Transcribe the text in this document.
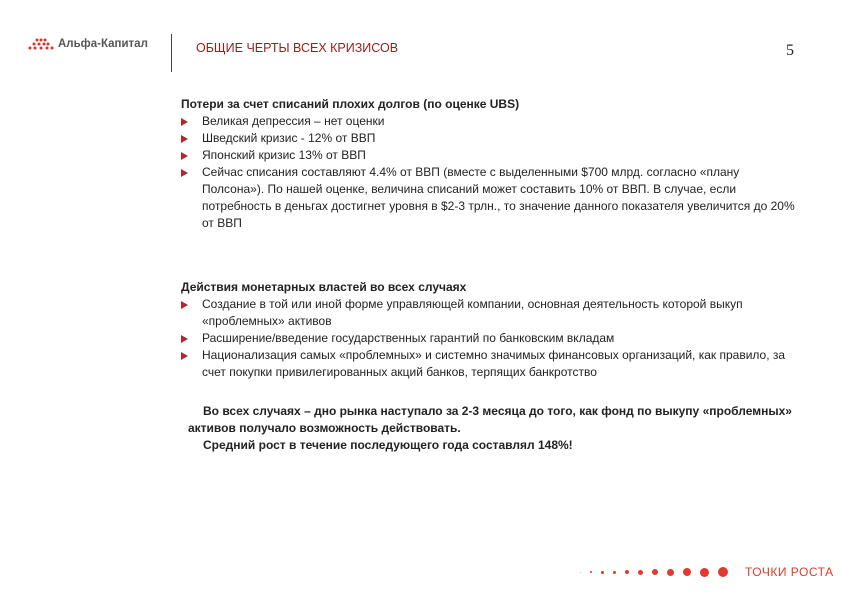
Альфа-Капитал	ОБЩИЕ ЧЕРТЫ ВСЕХ КРИЗИСОВ	5
Потери за счет списаний плохих долгов (по оценке UBS)
Великая депрессия – нет оценки
Шведский кризис - 12% от ВВП
Японский кризис 13% от ВВП
Сейчас списания составляют 4.4% от ВВП (вместе с выделенными $700 млрд. согласно «плану Полсона»). По нашей оценке, величина списаний может составить 10% от ВВП. В случае, если потребность в деньгах достигнет уровня в $2-3 трлн., то значение данного показателя увеличится до 20% от ВВП
Действия монетарных властей во всех случаях
Создание в той или иной форме управляющей компании, основная деятельность которой выкуп «проблемных» активов
Расширение/введение государственных гарантий по банковским вкладам
Национализация самых «проблемных» и системно значимых финансовых организаций, как правило, за счет покупки привилегированных акций банков, терпящих банкротство
Во всех случаях – дно рынка наступало за 2-3 месяца до того, как фонд по выкупу «проблемных» активов получало возможность действовать.
Средний рост в течение последующего года составлял 148%!
ТОЧКИ РОСТА
